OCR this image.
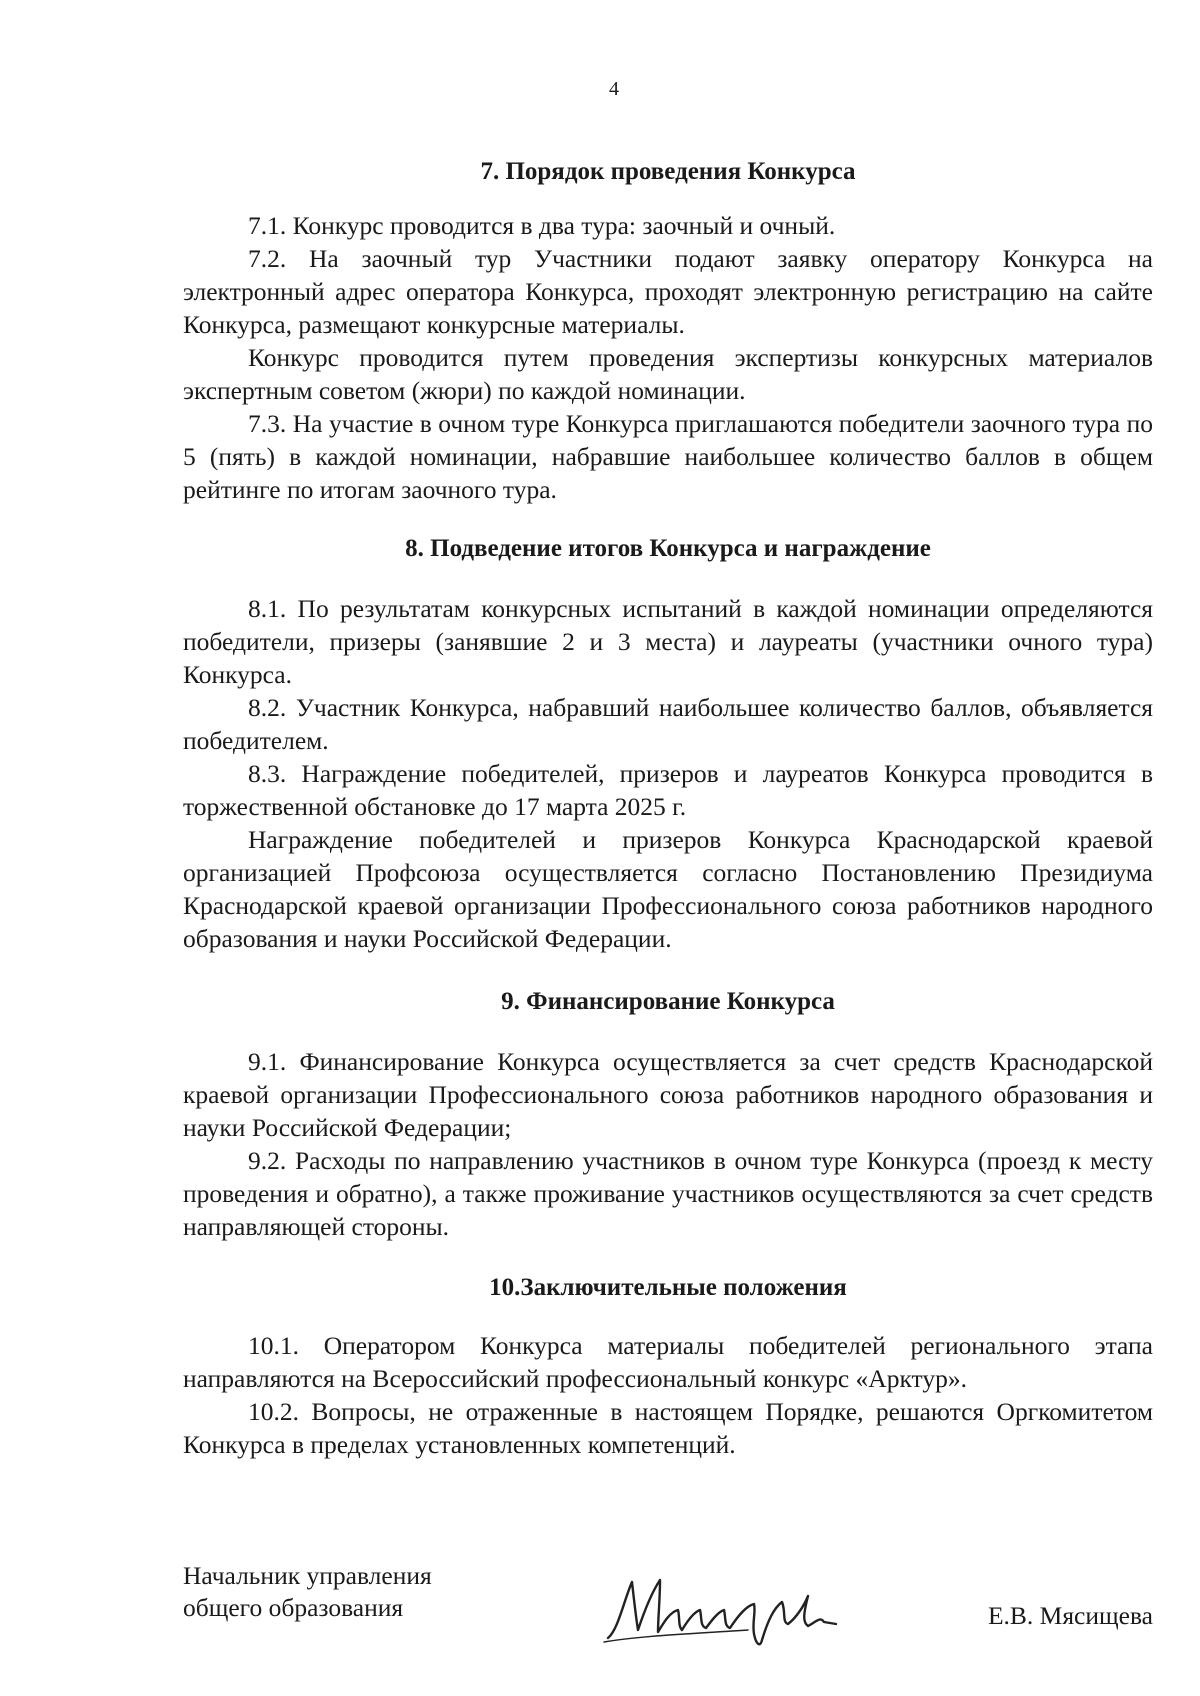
4
7. Порядок проведения Конкурса

7.1. Конкурс проводится в два тура: заочный и очный.

7.2. На заочный тур Участники подают заявку оператору Конкурса на электронный адрес оператора Конкурса, проходят электронную регистрацию на сайте Конкурса, размещают конкурсные материалы.

Конкурс проводится путем проведения экспертизы конкурсных материалов экспертным советом (жюри) по каждой номинации.

7.3. На участие в очном туре Конкурса приглашаются победители заочного тура по 5 (пять) в каждой номинации, набравшие наибольшее количество баллов в общем рейтинге по итогам заочного тура.

8. Подведение итогов Конкурса и награждение

8.1. По результатам конкурсных испытаний в каждой номинации определяются победители, призеры (занявшие 2 и 3 места) и лауреаты (участники очного тура) Конкурса.

8.2. Участник Конкурса, набравший наибольшее количество баллов, объявляется победителем.

8.3. Награждение победителей, призеров и лауреатов Конкурса проводится в торжественной обстановке до 17 марта 2025 г.

Награждение победителей и призеров Конкурса Краснодарской краевой организацией Профсоюза осуществляется согласно Постановлению Президиума Краснодарской краевой организации Профессионального союза работников народного образования и науки Российской Федерации.

9. Финансирование Конкурса

9.1. Финансирование Конкурса осуществляется за счет средств Краснодарской краевой организации Профессионального союза работников народного образования и науки Российской Федерации;

9.2. Расходы по направлению участников в очном туре Конкурса (проезд к месту проведения и обратно), а также проживание участников осуществляются за счет средств направляющей стороны.

10.Заключительные положения

10.1. Оператором Конкурса материалы победителей регионального этапа направляются на Всероссийский профессиональный конкурс «Арктур».

10.2. Вопросы, не отраженные в настоящем Порядке, решаются Оргкомитетом Конкурса в пределах установленных компетенций.

Начальник управления
общего образования	Е.В. Мясищева
